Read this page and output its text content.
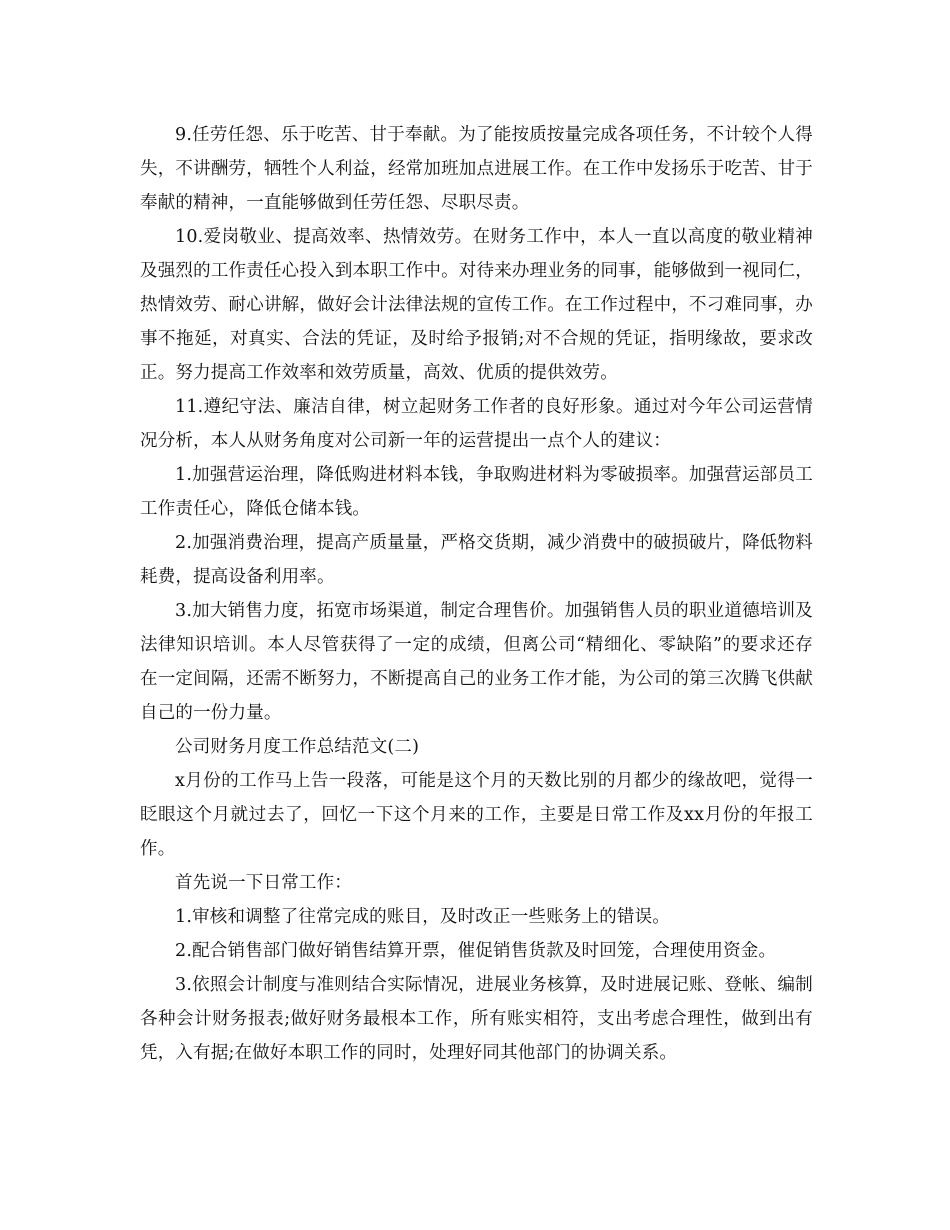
9.任劳任怨、乐于吃苦、甘于奉献。为了能按质按量完成各项任务，不计较个人得失，不讲酬劳，牺牲个人利益，经常加班加点进展工作。在工作中发扬乐于吃苦、甘于奉献的精神，一直能够做到任劳任怨、尽职尽责。

10.爱岗敬业、提高效率、热情效劳。在财务工作中，本人一直以高度的敬业精神及强烈的工作责任心投入到本职工作中。对待来办理业务的同事，能够做到一视同仁，热情效劳、耐心讲解，做好会计法律法规的宣传工作。在工作过程中，不刁难同事，办事不拖延，对真实、合法的凭证，及时给予报销;对不合规的凭证，指明缘故，要求改正。努力提高工作效率和效劳质量，高效、优质的提供效劳。

11.遵纪守法、廉洁自律，树立起财务工作者的良好形象。通过对今年公司运营情况分析，本人从财务角度对公司新一年的运营提出一点个人的建议：

1.加强营运治理，降低购进材料本钱，争取购进材料为零破损率。加强营运部员工工作责任心，降低仓储本钱。

2.加强消费治理，提高产质量量，严格交货期，减少消费中的破损破片，降低物料耗费，提高设备利用率。

3.加大销售力度，拓宽市场渠道，制定合理售价。加强销售人员的职业道德培训及法律知识培训。本人尽管获得了一定的成绩，但离公司“精细化、零缺陷”的要求还存在一定间隔，还需不断努力，不断提高自己的业务工作才能，为公司的第三次腾飞供献自己的一份力量。

公司财务月度工作总结范文(二)

x月份的工作马上告一段落，可能是这个月的天数比别的月都少的缘故吧，觉得一眨眼这个月就过去了，回忆一下这个月来的工作，主要是日常工作及xx月份的年报工作。

首先说一下日常工作：

1.审核和调整了往常完成的账目，及时改正一些账务上的错误。

2.配合销售部门做好销售结算开票，催促销售货款及时回笼，合理使用资金。

3.依照会计制度与准则结合实际情况，进展业务核算，及时进展记账、登帐、编制各种会计财务报表;做好财务最根本工作，所有账实相符，支出考虑合理性，做到出有凭，入有据;在做好本职工作的同时，处理好同其他部门的协调关系。
